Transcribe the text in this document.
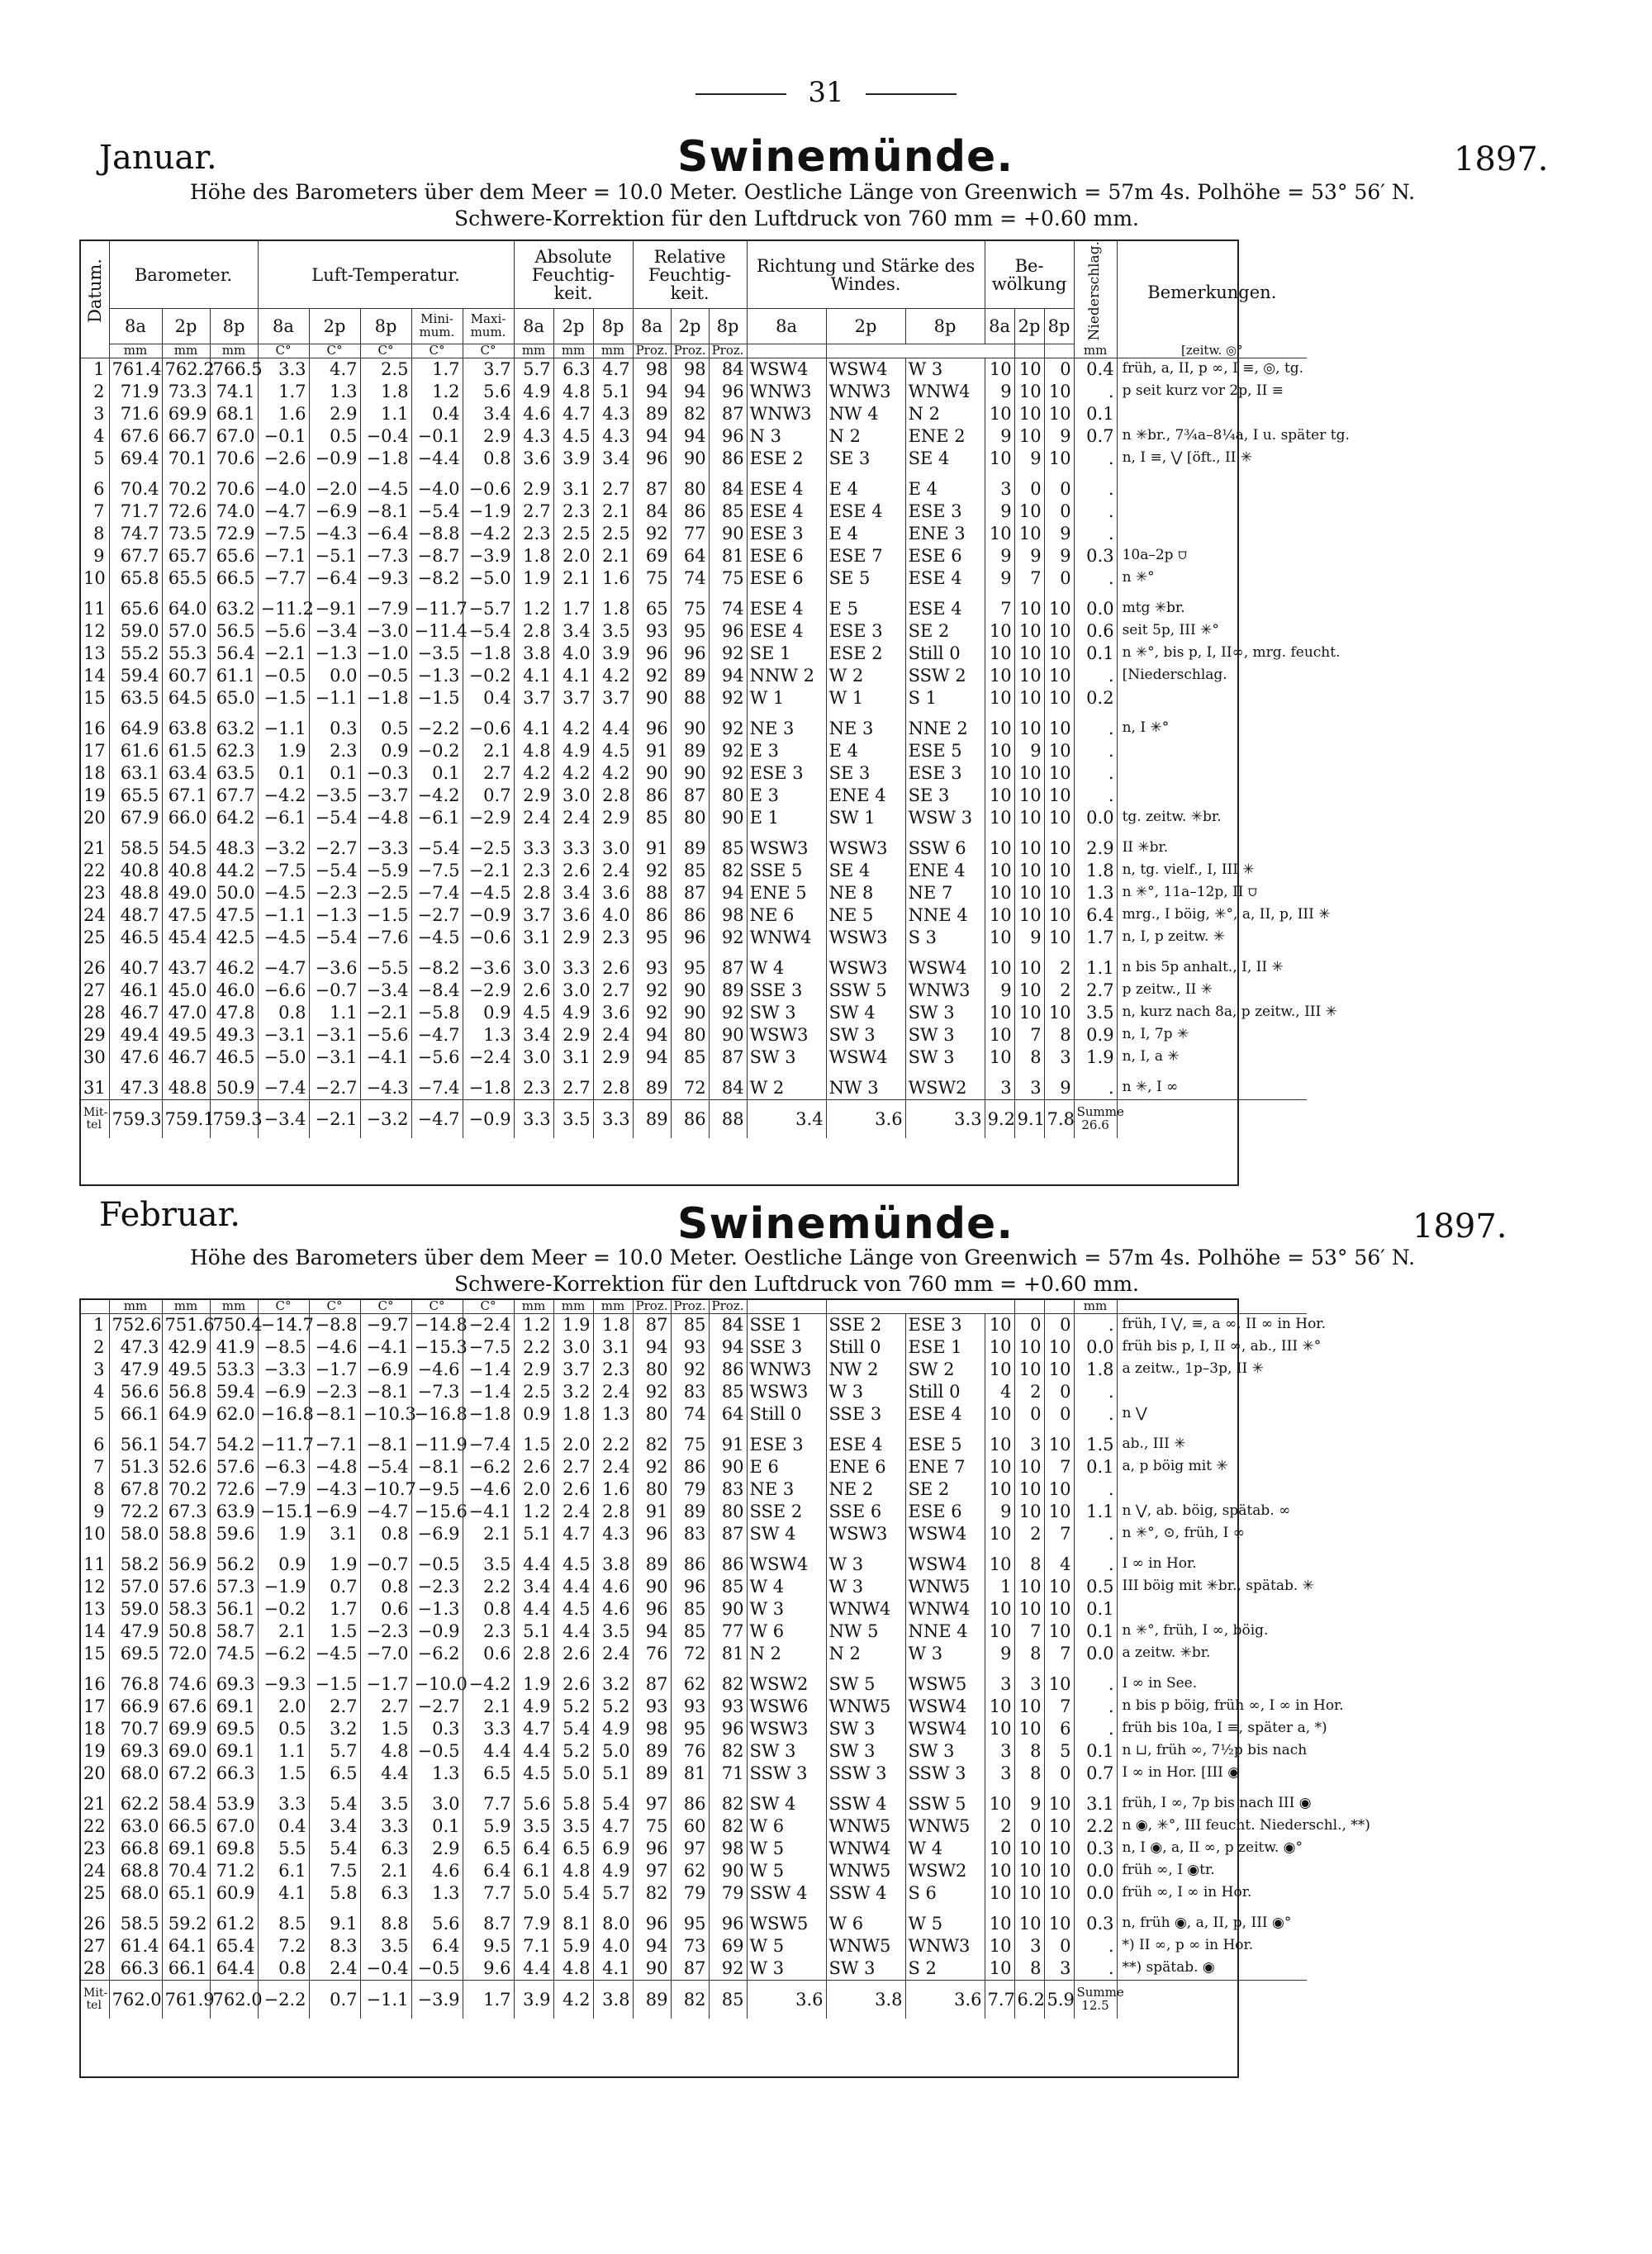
31
Januar.	Swinemünde.	1897.
Höhe des Barometers über dem Meer = 10.0 Meter. Oestliche Länge von Greenwich = 57m 4s. Polhöhe = 53° 56′ N.
Schwere-Korrektion für den Luftdruck von 760 mm = +0.60 mm.
Datum.	Barometer.			Luft-Temperatur.					Absolute Feuchtig-keit.			Relative Feuchtig-keit.			Richtung und Stärke des Windes.			Be-wölkung			Niederschlag.	Bemerkungen.
	8a	2p	8p	8a	2p	8p	Mini-mum.	Maxi-mum.	8a	2p	8p	8a	2p	8p	8a	2p	8p	8a	2p	8p		
	mm	mm	mm	C°	C°	C°	C°	C°	mm	mm	mm	Proz.	Proz.	Proz.							mm	[zeitw. ◎°
1	761.4	762.2	766.5	3.3	4.7	2.5	1.7	3.7	5.7	6.3	4.7	98	98	84	WSW4	WSW4	W 3	10	10	0	0.4	früh, a, II, p ∞, I ≡, ◎, tg.
2	71.9	73.3	74.1	1.7	1.3	1.8	1.2	5.6	4.9	4.8	5.1	94	94	96	WNW3	WNW3	WNW4	9	10	10	.	p seit kurz vor 2p, II ≡
3	71.6	69.9	68.1	1.6	2.9	1.1	0.4	3.4	4.6	4.7	4.3	89	82	87	WNW3	NW 4	N 2	10	10	10	0.1	
4	67.6	66.7	67.0	−0.1	0.5	−0.4	−0.1	2.9	4.3	4.5	4.3	94	94	96	N 3	N 2	ENE 2	9	10	9	0.7	n ✳br., 7¾a–8¼a, I u. später tg.
5	69.4	70.1	70.6	−2.6	−0.9	−1.8	−4.4	0.8	3.6	3.9	3.4	96	90	86	ESE 2	SE 3	SE 4	10	9	10	.	n, I ≡, ⋁ [öft., II ✳

6	70.4	70.2	70.6	−4.0	−2.0	−4.5	−4.0	−0.6	2.9	3.1	2.7	87	80	84	ESE 4	E 4	E 4	3	0	0	.	
7	71.7	72.6	74.0	−4.7	−6.9	−8.1	−5.4	−1.9	2.7	2.3	2.1	84	86	85	ESE 4	ESE 4	ESE 3	9	10	0	.	
8	74.7	73.5	72.9	−7.5	−4.3	−6.4	−8.8	−4.2	2.3	2.5	2.5	92	77	90	ESE 3	E 4	ENE 3	10	10	9	.	
9	67.7	65.7	65.6	−7.1	−5.1	−7.3	−8.7	−3.9	1.8	2.0	2.1	69	64	81	ESE 6	ESE 7	ESE 6	9	9	9	0.3	10a–2p ⩌
10	65.8	65.5	66.5	−7.7	−6.4	−9.3	−8.2	−5.0	1.9	2.1	1.6	75	74	75	ESE 6	SE 5	ESE 4	9	7	0	.	n ✳°

11	65.6	64.0	63.2	−11.2	−9.1	−7.9	−11.7	−5.7	1.2	1.7	1.8	65	75	74	ESE 4	E 5	ESE 4	7	10	10	0.0	mtg ✳br.
12	59.0	57.0	56.5	−5.6	−3.4	−3.0	−11.4	−5.4	2.8	3.4	3.5	93	95	96	ESE 4	ESE 3	SE 2	10	10	10	0.6	seit 5p, III ✳°
13	55.2	55.3	56.4	−2.1	−1.3	−1.0	−3.5	−1.8	3.8	4.0	3.9	96	96	92	SE 1	ESE 2	Still 0	10	10	10	0.1	n ✳°, bis p, I, II∞, mrg. feucht.
14	59.4	60.7	61.1	−0.5	0.0	−0.5	−1.3	−0.2	4.1	4.1	4.2	92	89	94	NNW 2	W 2	SSW 2	10	10	10	.	[Niederschlag.
15	63.5	64.5	65.0	−1.5	−1.1	−1.8	−1.5	0.4	3.7	3.7	3.7	90	88	92	W 1	W 1	S 1	10	10	10	0.2	

16	64.9	63.8	63.2	−1.1	0.3	0.5	−2.2	−0.6	4.1	4.2	4.4	96	90	92	NE 3	NE 3	NNE 2	10	10	10	.	n, I ✳°
17	61.6	61.5	62.3	1.9	2.3	0.9	−0.2	2.1	4.8	4.9	4.5	91	89	92	E 3	E 4	ESE 5	10	9	10	.	
18	63.1	63.4	63.5	0.1	0.1	−0.3	0.1	2.7	4.2	4.2	4.2	90	90	92	ESE 3	SE 3	ESE 3	10	10	10	.	
19	65.5	67.1	67.7	−4.2	−3.5	−3.7	−4.2	0.7	2.9	3.0	2.8	86	87	80	E 3	ENE 4	SE 3	10	10	10	.	
20	67.9	66.0	64.2	−6.1	−5.4	−4.8	−6.1	−2.9	2.4	2.4	2.9	85	80	90	E 1	SW 1	WSW 3	10	10	10	0.0	tg. zeitw. ✳br.

21	58.5	54.5	48.3	−3.2	−2.7	−3.3	−5.4	−2.5	3.3	3.3	3.0	91	89	85	WSW3	WSW3	SSW 6	10	10	10	2.9	II ✳br.
22	40.8	40.8	44.2	−7.5	−5.4	−5.9	−7.5	−2.1	2.3	2.6	2.4	92	85	82	SSE 5	SE 4	ENE 4	10	10	10	1.8	n, tg. vielf., I, III ✳
23	48.8	49.0	50.0	−4.5	−2.3	−2.5	−7.4	−4.5	2.8	3.4	3.6	88	87	94	ENE 5	NE 8	NE 7	10	10	10	1.3	n ✳°, 11a–12p, II ⩌
24	48.7	47.5	47.5	−1.1	−1.3	−1.5	−2.7	−0.9	3.7	3.6	4.0	86	86	98	NE 6	NE 5	NNE 4	10	10	10	6.4	mrg., I böig, ✳°, a, II, p, III ✳
25	46.5	45.4	42.5	−4.5	−5.4	−7.6	−4.5	−0.6	3.1	2.9	2.3	95	96	92	WNW4	WSW3	S 3	10	9	10	1.7	n, I, p zeitw. ✳

26	40.7	43.7	46.2	−4.7	−3.6	−5.5	−8.2	−3.6	3.0	3.3	2.6	93	95	87	W 4	WSW3	WSW4	10	10	2	1.1	n bis 5p anhalt., I, II ✳
27	46.1	45.0	46.0	−6.6	−0.7	−3.4	−8.4	−2.9	2.6	3.0	2.7	92	90	89	SSE 3	SSW 5	WNW3	9	10	2	2.7	p zeitw., II ✳
28	46.7	47.0	47.8	0.8	1.1	−2.1	−5.8	0.9	4.5	4.9	3.6	92	90	92	SW 3	SW 4	SW 3	10	10	10	3.5	n, kurz nach 8a, p zeitw., III ✳
29	49.4	49.5	49.3	−3.1	−3.1	−5.6	−4.7	1.3	3.4	2.9	2.4	94	80	90	WSW3	SW 3	SW 3	10	7	8	0.9	n, I, 7p ✳
30	47.6	46.7	46.5	−5.0	−3.1	−4.1	−5.6	−2.4	3.0	3.1	2.9	94	85	87	SW 3	WSW4	SW 3	10	8	3	1.9	n, I, a ✳

31	47.3	48.8	50.9	−7.4	−2.7	−4.3	−7.4	−1.8	2.3	2.7	2.8	89	72	84	W 2	NW 3	WSW2	3	3	9	.	n ✳, I ∞
Mit-tel	759.3	759.1	759.3	−3.4	−2.1	−3.2	−4.7	−0.9	3.3	3.5	3.3	89	86	88	3.4	3.6	3.3	9.2	9.1	7.8	Summe 26.6	
Februar.	Swinemünde.	1897.
Höhe des Barometers über dem Meer = 10.0 Meter. Oestliche Länge von Greenwich = 57m 4s. Polhöhe = 53° 56′ N.
Schwere-Korrektion für den Luftdruck von 760 mm = +0.60 mm.
	mm	mm	mm	C°	C°	C°	C°	C°	mm	mm	mm	Proz.	Proz.	Proz.							mm	
1	752.6	751.6	750.4	−14.7	−8.8	−9.7	−14.8	−2.4	1.2	1.9	1.8	87	85	84	SSE 1	SSE 2	ESE 3	10	0	0	.	früh, I ⋁, ≡, a ∞, II ∞ in Hor.
2	47.3	42.9	41.9	−8.5	−4.6	−4.1	−15.3	−7.5	2.2	3.0	3.1	94	93	94	SSE 3	Still 0	ESE 1	10	10	10	0.0	früh bis p, I, II ∞, ab., III ✳°
3	47.9	49.5	53.3	−3.3	−1.7	−6.9	−4.6	−1.4	2.9	3.7	2.3	80	92	86	WNW3	NW 2	SW 2	10	10	10	1.8	a zeitw., 1p–3p, II ✳
4	56.6	56.8	59.4	−6.9	−2.3	−8.1	−7.3	−1.4	2.5	3.2	2.4	92	83	85	WSW3	W 3	Still 0	4	2	0	.	
5	66.1	64.9	62.0	−16.8	−8.1	−10.3	−16.8	−1.8	0.9	1.8	1.3	80	74	64	Still 0	SSE 3	ESE 4	10	0	0	.	n ⋁

6	56.1	54.7	54.2	−11.7	−7.1	−8.1	−11.9	−7.4	1.5	2.0	2.2	82	75	91	ESE 3	ESE 4	ESE 5	10	3	10	1.5	ab., III ✳
7	51.3	52.6	57.6	−6.3	−4.8	−5.4	−8.1	−6.2	2.6	2.7	2.4	92	86	90	E 6	ENE 6	ENE 7	10	10	7	0.1	a, p böig mit ✳
8	67.8	70.2	72.6	−7.9	−4.3	−10.7	−9.5	−4.6	2.0	2.6	1.6	80	79	83	NE 3	NE 2	SE 2	10	10	10	.	
9	72.2	67.3	63.9	−15.1	−6.9	−4.7	−15.6	−4.1	1.2	2.4	2.8	91	89	80	SSE 2	SSE 6	ESE 6	9	10	10	1.1	n ⋁, ab. böig, spätab. ∞
10	58.0	58.8	59.6	1.9	3.1	0.8	−6.9	2.1	5.1	4.7	4.3	96	83	87	SW 4	WSW3	WSW4	10	2	7	.	n ✳°, ⊙, früh, I ∞

11	58.2	56.9	56.2	0.9	1.9	−0.7	−0.5	3.5	4.4	4.5	3.8	89	86	86	WSW4	W 3	WSW4	10	8	4	.	I ∞ in Hor.
12	57.0	57.6	57.3	−1.9	0.7	0.8	−2.3	2.2	3.4	4.4	4.6	90	96	85	W 4	W 3	WNW5	1	10	10	0.5	III böig mit ✳br., spätab. ✳
13	59.0	58.3	56.1	−0.2	1.7	0.6	−1.3	0.8	4.4	4.5	4.6	96	85	90	W 3	WNW4	WNW4	10	10	10	0.1	
14	47.9	50.8	58.7	2.1	1.5	−2.3	−0.9	2.3	5.1	4.4	3.5	94	85	77	W 6	NW 5	NNE 4	10	7	10	0.1	n ✳°, früh, I ∞, böig.
15	69.5	72.0	74.5	−6.2	−4.5	−7.0	−6.2	0.6	2.8	2.6	2.4	76	72	81	N 2	N 2	W 3	9	8	7	0.0	a zeitw. ✳br.

16	76.8	74.6	69.3	−9.3	−1.5	−1.7	−10.0	−4.2	1.9	2.6	3.2	87	62	82	WSW2	SW 5	WSW5	3	3	10	.	I ∞ in See.
17	66.9	67.6	69.1	2.0	2.7	2.7	−2.7	2.1	4.9	5.2	5.2	93	93	93	WSW6	WNW5	WSW4	10	10	7	.	n bis p böig, früh ∞, I ∞ in Hor.
18	70.7	69.9	69.5	0.5	3.2	1.5	0.3	3.3	4.7	5.4	4.9	98	95	96	WSW3	SW 3	WSW4	10	10	6	.	früh bis 10a, I ≡, später a, *)
19	69.3	69.0	69.1	1.1	5.7	4.8	−0.5	4.4	4.4	5.2	5.0	89	76	82	SW 3	SW 3	SW 3	3	8	5	0.1	n ⊔, früh ∞, 7½p bis nach
20	68.0	67.2	66.3	1.5	6.5	4.4	1.3	6.5	4.5	5.0	5.1	89	81	71	SSW 3	SSW 3	SSW 3	3	8	0	0.7	I ∞ in Hor. [III ◉

21	62.2	58.4	53.9	3.3	5.4	3.5	3.0	7.7	5.6	5.8	5.4	97	86	82	SW 4	SSW 4	SSW 5	10	9	10	3.1	früh, I ∞, 7p bis nach III ◉
22	63.0	66.5	67.0	0.4	3.4	3.3	0.1	5.9	3.5	3.5	4.7	75	60	82	W 6	WNW5	WNW5	2	0	10	2.2	n ◉, ✳°, III feucht. Niederschl., **)
23	66.8	69.1	69.8	5.5	5.4	6.3	2.9	6.5	6.4	6.5	6.9	96	97	98	W 5	WNW4	W 4	10	10	10	0.3	n, I ◉, a, II ∞, p zeitw. ◉°
24	68.8	70.4	71.2	6.1	7.5	2.1	4.6	6.4	6.1	4.8	4.9	97	62	90	W 5	WNW5	WSW2	10	10	10	0.0	früh ∞, I ◉tr.
25	68.0	65.1	60.9	4.1	5.8	6.3	1.3	7.7	5.0	5.4	5.7	82	79	79	SSW 4	SSW 4	S 6	10	10	10	0.0	früh ∞, I ∞ in Hor.

26	58.5	59.2	61.2	8.5	9.1	8.8	5.6	8.7	7.9	8.1	8.0	96	95	96	WSW5	W 6	W 5	10	10	10	0.3	n, früh ◉, a, II, p, III ◉°
27	61.4	64.1	65.4	7.2	8.3	3.5	6.4	9.5	7.1	5.9	4.0	94	73	69	W 5	WNW5	WNW3	10	3	0	.	*) II ∞, p ∞ in Hor.
28	66.3	66.1	64.4	0.8	2.4	−0.4	−0.5	9.6	4.4	4.8	4.1	90	87	92	W 3	SW 3	S 2	10	8	3	.	**) spätab. ◉
Mit-tel	762.0	761.9	762.0	−2.2	0.7	−1.1	−3.9	1.7	3.9	4.2	3.8	89	82	85	3.6	3.8	3.6	7.7	6.2	5.9	Summe 12.5	
